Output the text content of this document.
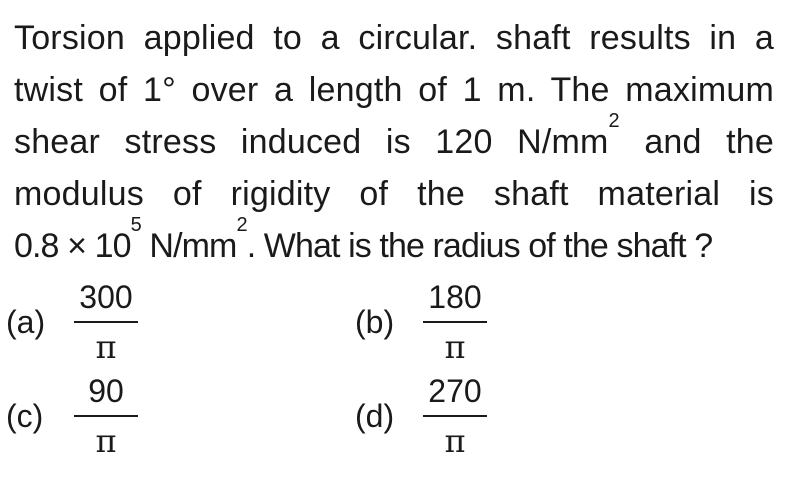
Torsion applied to a circular. shaft results in a
twist of 1° over a length of 1 m. The maximum
shear stress induced is 120 $N/mm^2$ and the
modulus of rigidity of the shaft material is
$0.8 \times 10^5$ $N/mm^2$. What is the radius of the shaft ?
$(a) \frac{300}{\pi}$	$(b) \frac{180}{\pi}$
$(c) \frac{90}{\pi}$	$(d) \frac{270}{\pi}$
